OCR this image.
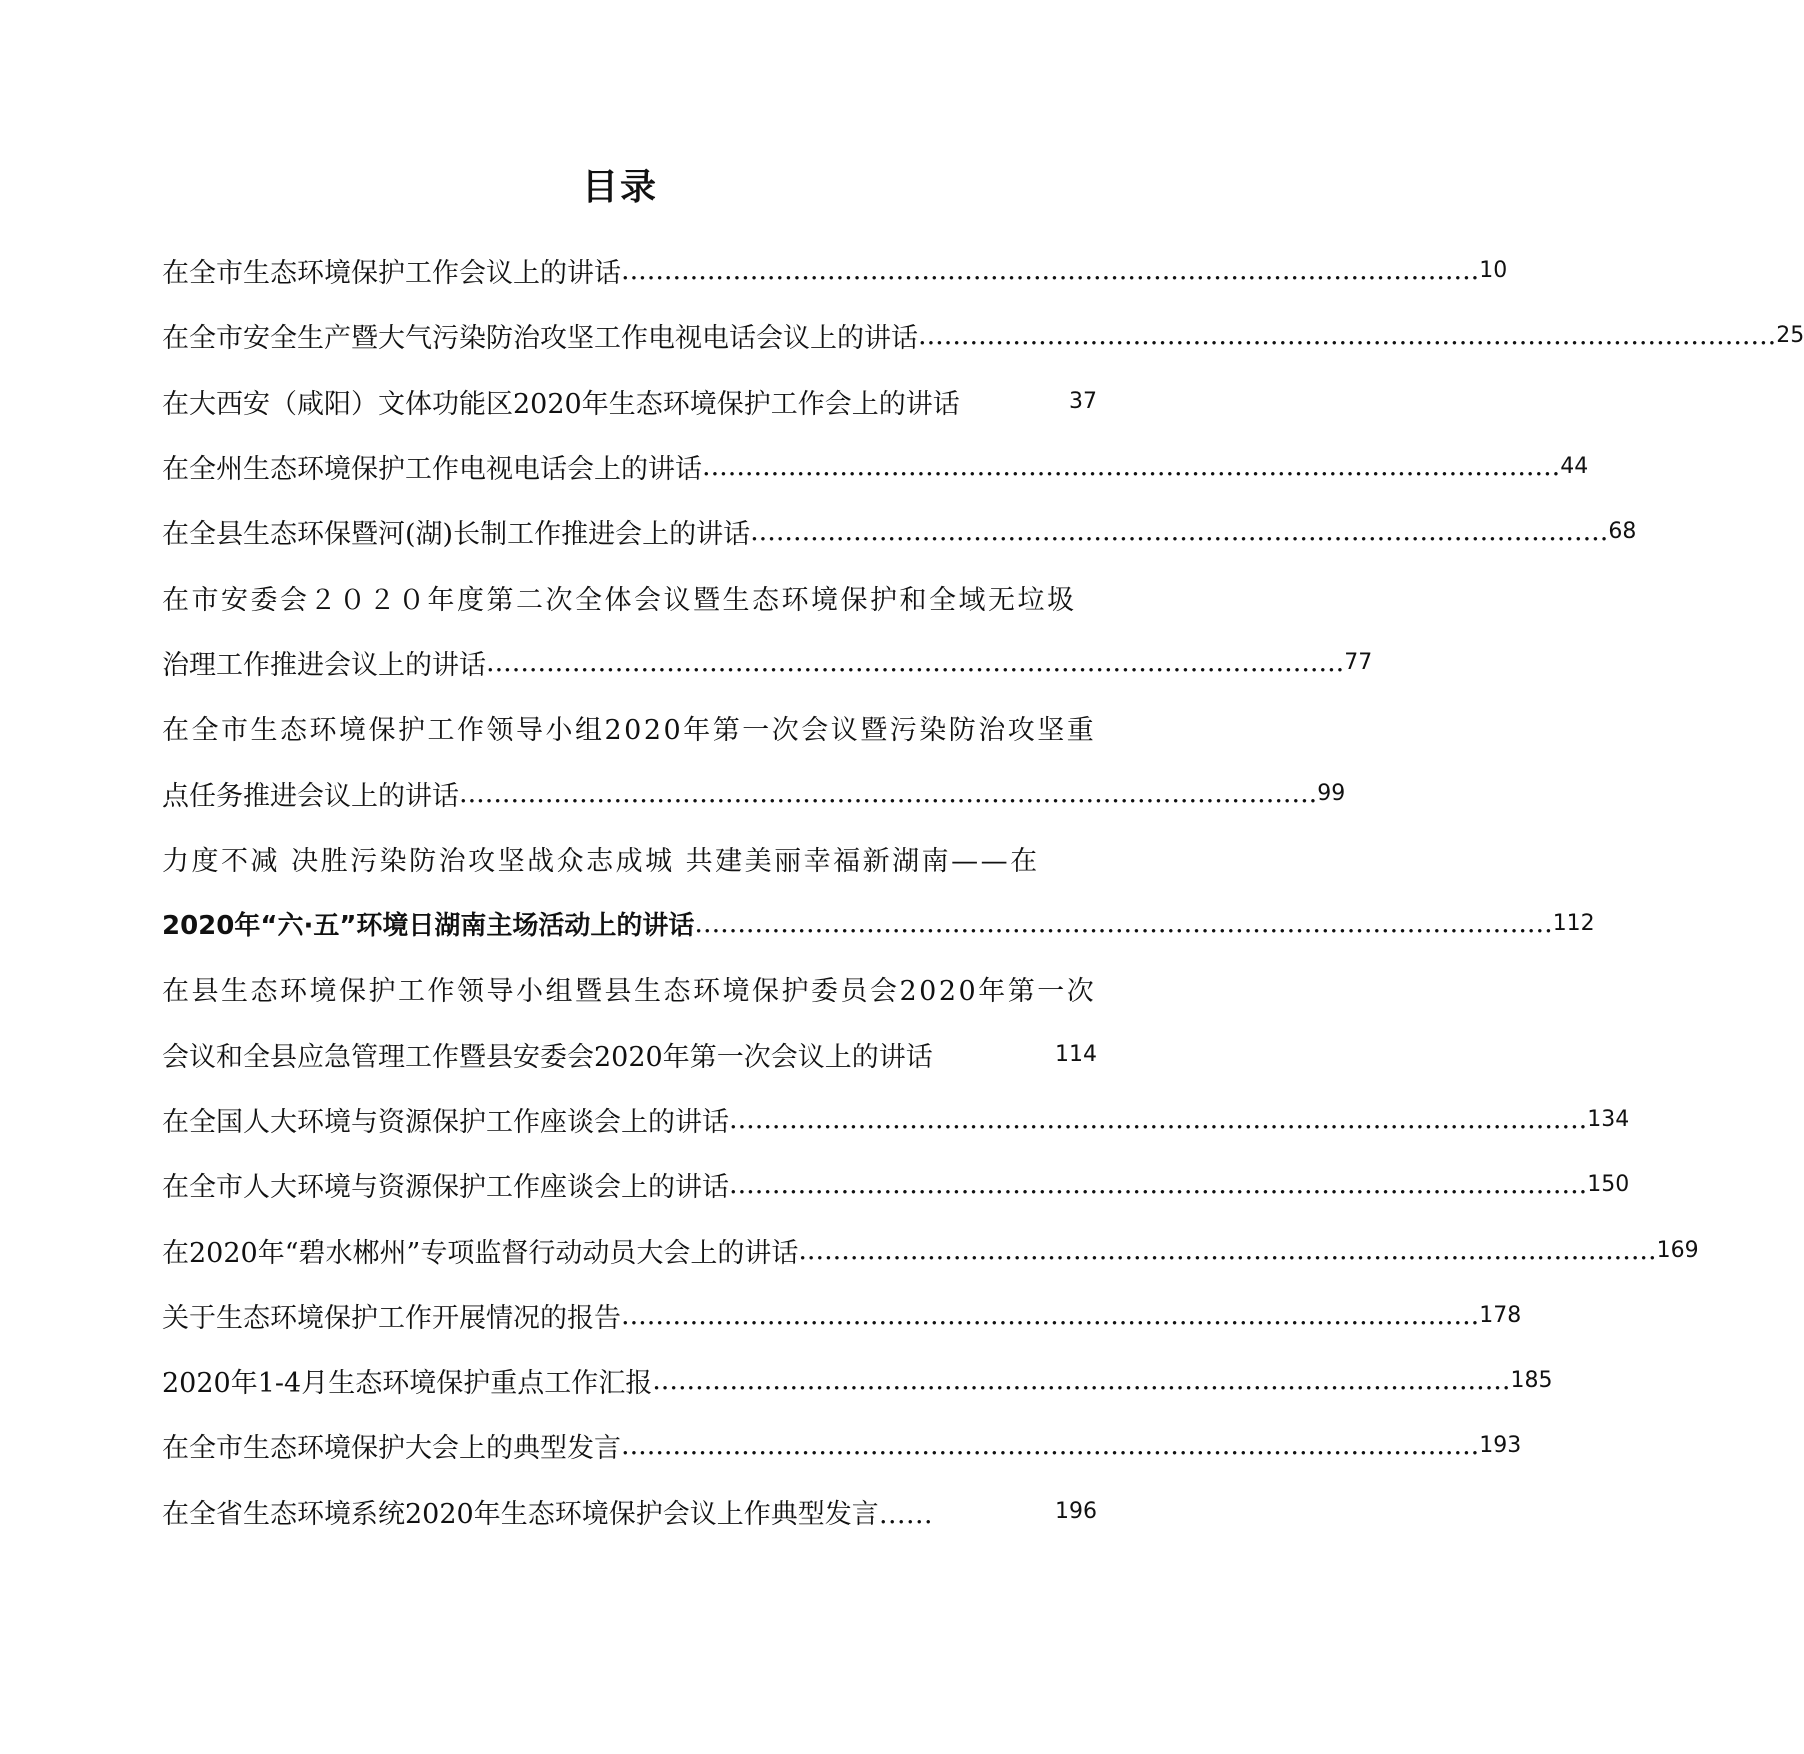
目录
在全市生态环境保护工作会议上的讲话 .................................................................................................... 10
在全市安全生产暨大气污染防治攻坚工作电视电话会议上的讲话 .................................................................................................... 25
在大西安（咸阳）文体功能区2020年生态环境保护工作会上的讲话	37
在全州生态环境保护工作电视电话会上的讲话 .................................................................................................... 44
在全县生态环保暨河(湖)长制工作推进会上的讲话 .................................................................................................... 68
在市安委会２０２０年度第二次全体会议暨生态环境保护和全域无垃圾
治理工作推进会议上的讲话 .................................................................................................... 77
在全市生态环境保护工作领导小组2020年第一次会议暨污染防治攻坚重
点任务推进会议上的讲话 .................................................................................................... 99
力度不减 决胜污染防治攻坚战众志成城 共建美丽幸福新湖南——在
2020年“六·五”环境日湖南主场活动上的讲话 .................................................................................................... 112
在县生态环境保护工作领导小组暨县生态环境保护委员会2020年第一次
会议和全县应急管理工作暨县安委会2020年第一次会议上的讲话	114
在全国人大环境与资源保护工作座谈会上的讲话 .................................................................................................... 134
在全市人大环境与资源保护工作座谈会上的讲话 .................................................................................................... 150
在2020年“碧水郴州”专项监督行动动员大会上的讲话 .................................................................................................... 169
关于生态环境保护工作开展情况的报告 .................................................................................................... 178
2020年1-4月生态环境保护重点工作汇报 .................................................................................................... 185
在全市生态环境保护大会上的典型发言 .................................................................................................... 193
在全省生态环境系统2020年生态环境保护会议上作典型发言……	196
